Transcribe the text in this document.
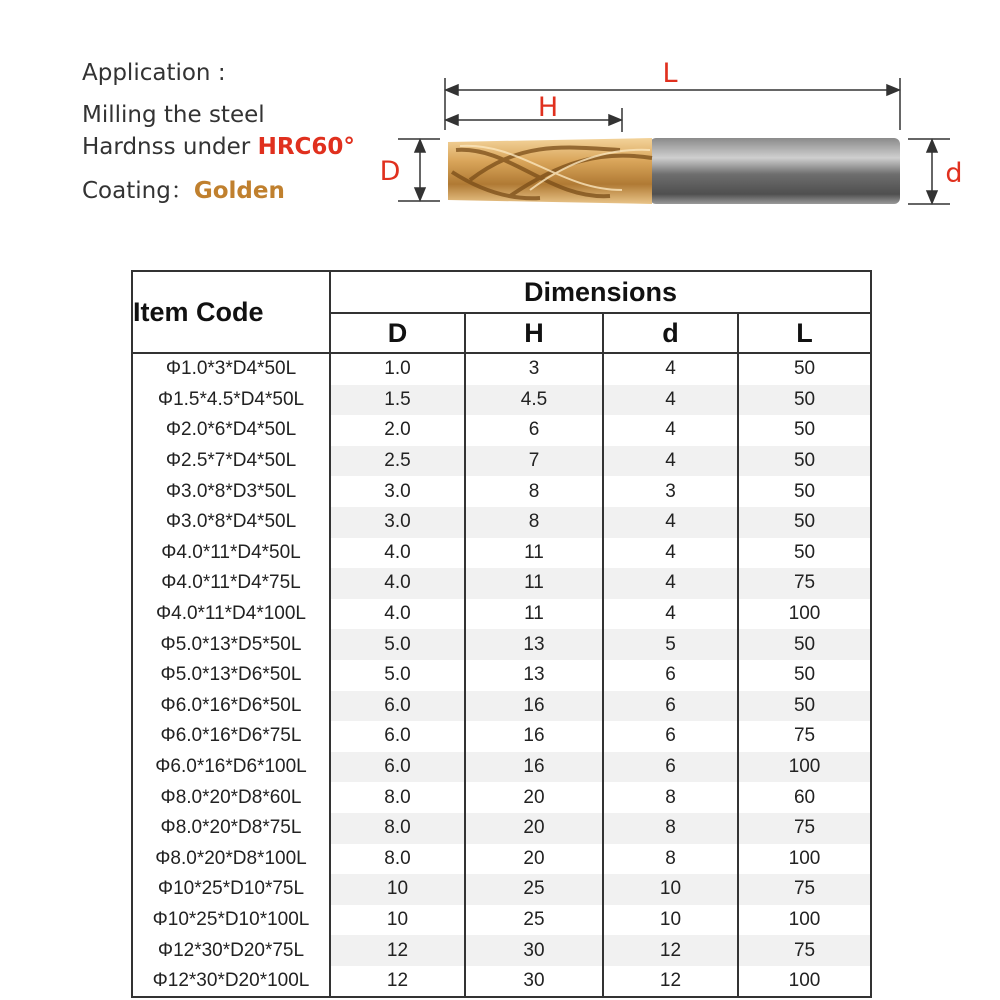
Application :
Milling the steel
Hardnss under HRC60°
Coating：Golden
L
H
D	d
Item Code	Dimensions			
	D	H	d	L
Φ1.0*3*D4*50L	1.0	3	4	50
Φ1.5*4.5*D4*50L	1.5	4.5	4	50
Φ2.0*6*D4*50L	2.0	6	4	50
Φ2.5*7*D4*50L	2.5	7	4	50
Φ3.0*8*D3*50L	3.0	8	3	50
Φ3.0*8*D4*50L	3.0	8	4	50
Φ4.0*11*D4*50L	4.0	11	4	50
Φ4.0*11*D4*75L	4.0	11	4	75
Φ4.0*11*D4*100L	4.0	11	4	100
Φ5.0*13*D5*50L	5.0	13	5	50
Φ5.0*13*D6*50L	5.0	13	6	50
Φ6.0*16*D6*50L	6.0	16	6	50
Φ6.0*16*D6*75L	6.0	16	6	75
Φ6.0*16*D6*100L	6.0	16	6	100
Φ8.0*20*D8*60L	8.0	20	8	60
Φ8.0*20*D8*75L	8.0	20	8	75
Φ8.0*20*D8*100L	8.0	20	8	100
Φ10*25*D10*75L	10	25	10	75
Φ10*25*D10*100L	10	25	10	100
Φ12*30*D20*75L	12	30	12	75
Φ12*30*D20*100L	12	30	12	100
